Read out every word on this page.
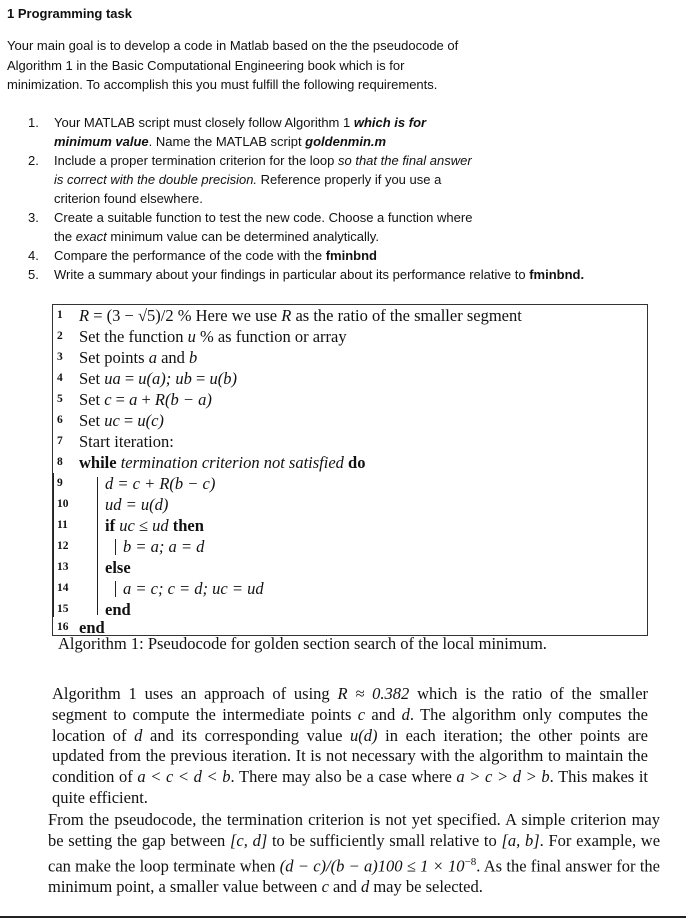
1 Programming task
Your main goal is to develop a code in Matlab based on the the pseudocode of Algorithm 1 in the Basic Computational Engineering book which is for minimization. To accomplish this you must fulfill the following requirements.
1.	Your MATLAB script must closely follow Algorithm 1 which is for minimum value. Name the MATLAB script goldenmin.m
2.	Include a proper termination criterion for the loop so that the final answer is correct with the double precision. Reference properly if you use a criterion found elsewhere.
3.	Create a suitable function to test the new code. Choose a function where the exact minimum value can be determined analytically.
4.	Compare the performance of the code with the fminbnd
5.	Write a summary about your findings in particular about its performance relative to fminbnd.
1 R = (3 − √5)/2 % Here we use R as the ratio of the smaller segment
2 Set the function u % as function or array
3 Set points a and b
4 Set ua = u(a); ub = u(b)
5 Set c = a + R(b − a)
6 Set uc = u(c)
7 Start iteration:
8 while termination criterion not satisfied do
9	d = c + R(b − c)
10	ud = u(d)
11	if uc ≤ ud then
12	b = a; a = d
13	else
14	a = c; c = d; uc = ud
15	end
16 end
Algorithm 1: Pseudocode for golden section search of the local minimum.
Algorithm 1 uses an approach of using R ≈ 0.382 which is the ratio of the smaller segment to compute the intermediate points c and d. The algorithm only computes the location of d and its corresponding value u(d) in each iteration; the other points are updated from the previous iteration. It is not necessary with the algorithm to maintain the condition of a < c < d < b. There may also be a case where a > c > d > b. This makes it quite efficient.
From the pseudocode, the termination criterion is not yet specified. A simple criterion may be setting the gap between [c, d] to be sufficiently small relative to [a, b]. For example, we can make the loop terminate when $(d - c)/(b - a)100 \le 1 \times 10^{-8}$. As the final answer for the minimum point, a smaller value between c and d may be selected.
